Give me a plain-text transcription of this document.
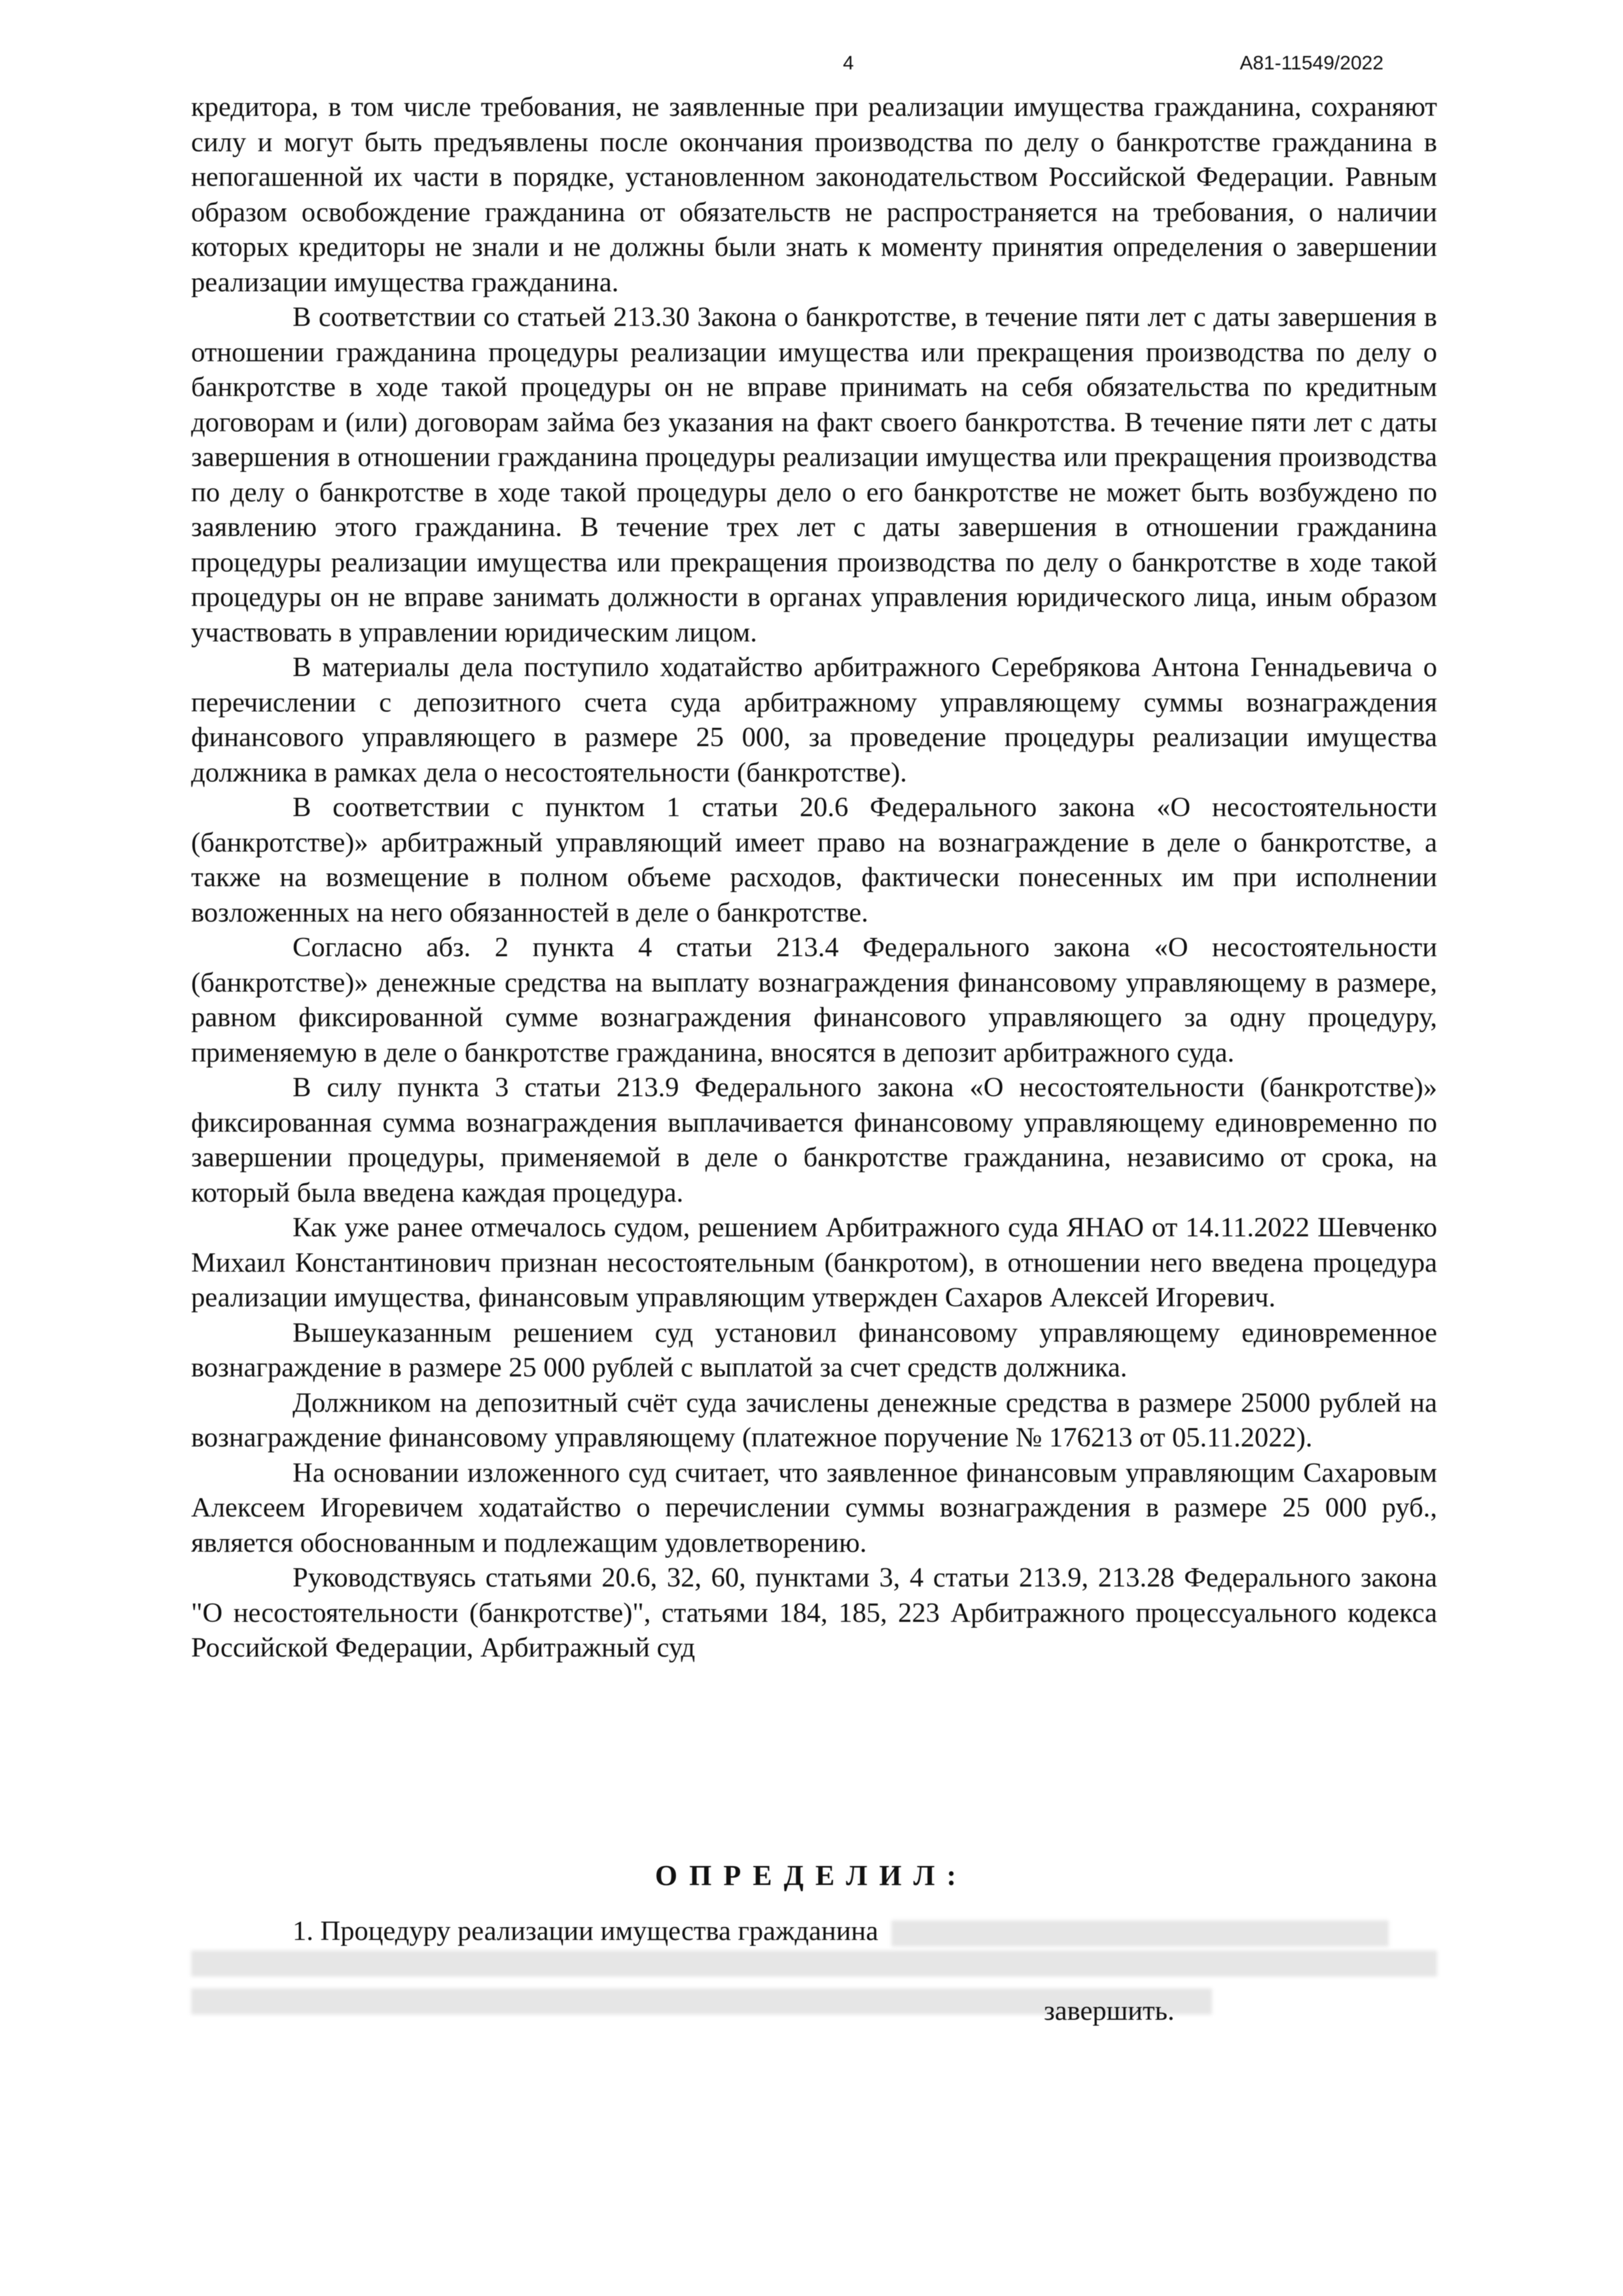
4	А81-11549/2022

кредитора, в том числе требования, не заявленные при реализации имущества гражданина, сохраняют силу и могут быть предъявлены после окончания производства по делу о банкротстве гражданина в непогашенной их части в порядке, установленном законодательством Российской Федерации. Равным образом освобождение гражданина от обязательств не распространяется на требования, о наличии которых кредиторы не знали и не должны были знать к моменту принятия определения о завершении реализации имущества гражданина.

В соответствии со статьей 213.30 Закона о банкротстве, в течение пяти лет с даты завершения в отношении гражданина процедуры реализации имущества или прекращения производства по делу о банкротстве в ходе такой процедуры он не вправе принимать на себя обязательства по кредитным договорам и (или) договорам займа без указания на факт своего банкротства. В течение пяти лет с даты завершения в отношении гражданина процедуры реализации имущества или прекращения производства по делу о банкротстве в ходе такой процедуры дело о его банкротстве не может быть возбуждено по заявлению этого гражданина. В течение трех лет с даты завершения в отношении гражданина процедуры реализации имущества или прекращения производства по делу о банкротстве в ходе такой процедуры он не вправе занимать должности в органах управления юридического лица, иным образом участвовать в управлении юридическим лицом.

В материалы дела поступило ходатайство арбитражного Серебрякова Антона Геннадьевича о перечислении с депозитного счета суда арбитражному управляющему суммы вознаграждения финансового управляющего в размере 25 000, за проведение процедуры реализации имущества должника в рамках дела о несостоятельности (банкротстве).

В соответствии с пунктом 1 статьи 20.6 Федерального закона «О несостоятельности (банкротстве)» арбитражный управляющий имеет право на вознаграждение в деле о банкротстве, а также на возмещение в полном объеме расходов, фактически понесенных им при исполнении возложенных на него обязанностей в деле о банкротстве.

Согласно абз. 2 пункта 4 статьи 213.4 Федерального закона «О несостоятельности (банкротстве)» денежные средства на выплату вознаграждения финансовому управляющему в размере, равном фиксированной сумме вознаграждения финансового управляющего за одну процедуру, применяемую в деле о банкротстве гражданина, вносятся в депозит арбитражного суда.

В силу пункта 3 статьи 213.9 Федерального закона «О несостоятельности (банкротстве)» фиксированная сумма вознаграждения выплачивается финансовому управляющему единовременно по завершении процедуры, применяемой в деле о банкротстве гражданина, независимо от срока, на который была введена каждая процедура.

Как уже ранее отмечалось судом, решением Арбитражного суда ЯНАО от 14.11.2022 Шевченко Михаил Константинович признан несостоятельным (банкротом), в отношении него введена процедура реализации имущества, финансовым управляющим утвержден Сахаров Алексей Игоревич.

Вышеуказанным решением суд установил финансовому управляющему единовременное вознаграждение в размере 25 000 рублей с выплатой за счет средств должника.

Должником на депозитный счёт суда зачислены денежные средства в размере 25000 рублей на вознаграждение финансовому управляющему (платежное поручение № 176213 от 05.11.2022).

На основании изложенного суд считает, что заявленное финансовым управляющим Сахаровым Алексеем Игоревичем ходатайство о перечислении суммы вознаграждения в размере 25 000 руб., является обоснованным и подлежащим удовлетворению.

Руководствуясь статьями 20.6, 32, 60, пунктами 3, 4 статьи 213.9, 213.28 Федерального закона "О несостоятельности (банкротстве)", статьями 184, 185, 223 Арбитражного процессуального кодекса Российской Федерации, Арбитражный суд

ОПРЕДЕЛИЛ:
1. Процедуру реализации имущества гражданина
завершить.
